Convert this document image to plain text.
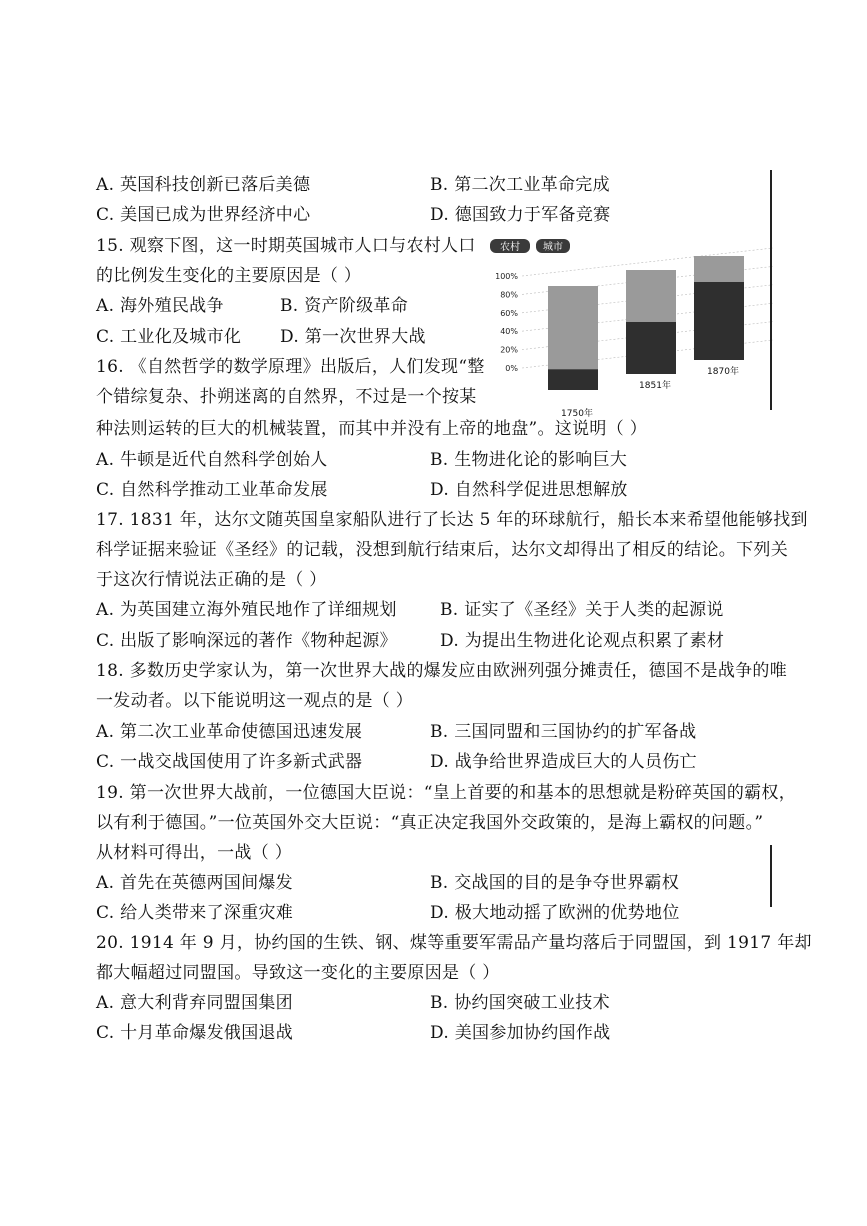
A. 英国科技创新已落后美德	B. 第二次工业革命完成
C. 美国已成为世界经济中心	D. 德国致力于军备竞赛
15. 观察下图，这一时期英国城市人口与农村人口
的比例发生变化的主要原因是（ ）
A. 海外殖民战争	B. 资产阶级革命
C. 工业化及城市化 D. 第一次世界大战
农村 城市
100%
80%
60%
40%
20%
0%
1750年
1851年
1870年
16. 《自然哲学的数学原理》出版后，人们发现“整
个错综复杂、扑朔迷离的自然界，不过是一个按某
种法则运转的巨大的机械装置，而其中并没有上帝的地盘”。这说明（ ）
A. 牛顿是近代自然科学创始人	B. 生物进化论的影响巨大
C. 自然科学推动工业革命发展	D. 自然科学促进思想解放
17. 1831 年，达尔文随英国皇家船队进行了长达 5 年的环球航行，船长本来希望他能够找到
科学证据来验证《圣经》的记载，没想到航行结束后，达尔文却得出了相反的结论。下列关
于这次行情说法正确的是（ ）
A. 为英国建立海外殖民地作了详细规划	B. 证实了《圣经》关于人类的起源说
C. 出版了影响深远的著作《物种起源》	D. 为提出生物进化论观点积累了素材
18. 多数历史学家认为，第一次世界大战的爆发应由欧洲列强分摊责任，德国不是战争的唯
一发动者。以下能说明这一观点的是（ ）
A. 第二次工业革命使德国迅速发展	B. 三国同盟和三国协约的扩军备战
C. 一战交战国使用了许多新式武器	D. 战争给世界造成巨大的人员伤亡
19. 第一次世界大战前，一位德国大臣说：“皇上首要的和基本的思想就是粉碎英国的霸权，
以有利于德国。”一位英国外交大臣说：“真正决定我国外交政策的，是海上霸权的问题。”
从材料可得出，一战（ ）
A. 首先在英德两国间爆发	B. 交战国的目的是争夺世界霸权
C. 给人类带来了深重灾难	D. 极大地动摇了欧洲的优势地位
20. 1914 年 9 月，协约国的生铁、钢、煤等重要军需品产量均落后于同盟国，到 1917 年却
都大幅超过同盟国。导致这一变化的主要原因是（ ）
A. 意大利背弃同盟国集团	B. 协约国突破工业技术
C. 十月革命爆发俄国退战	D. 美国参加协约国作战
